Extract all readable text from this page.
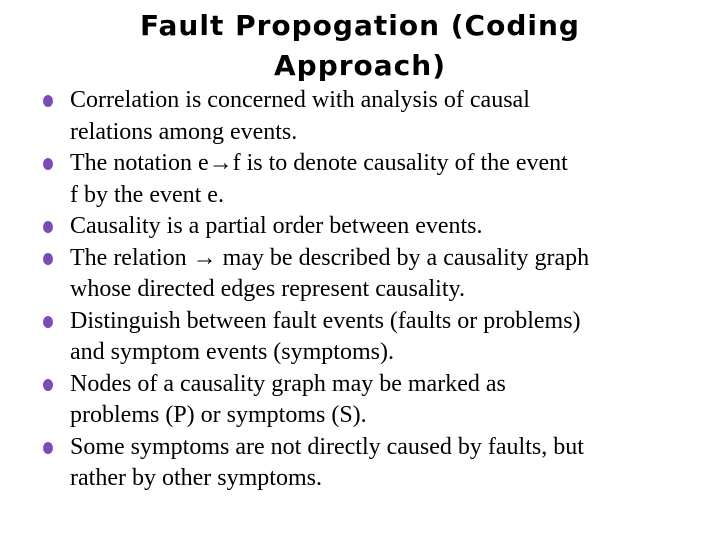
Fault Propogation (Coding
Approach)
Correlation is concerned with analysis of causal
relations among events.
The notation e→f is to denote causality of the event
f by the event e.
Causality is a partial order between events.
The relation → may be described by a causality graph
whose directed edges represent causality.
Distinguish between fault events (faults or problems)
and symptom events (symptoms).
Nodes of a causality graph may be marked as
problems (P) or symptoms (S).
Some symptoms are not directly caused by faults, but
rather by other symptoms.
